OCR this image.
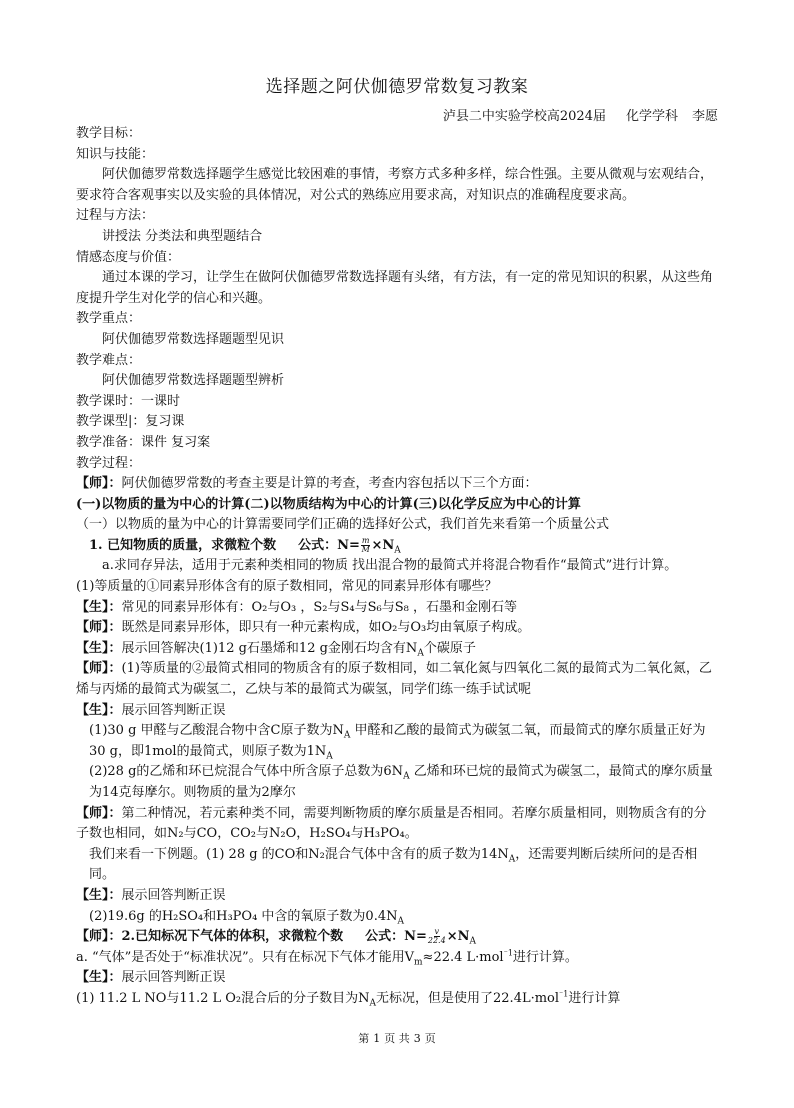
选择题之阿伏伽德罗常数复习教案
泸县二中实验学校高2024届 化学学科 李愿

教学目标：

知识与技能：

阿伏伽德罗常数选择题学生感觉比较困难的事情，考察方式多种多样，综合性强。主要从微观与宏观结合，要求符合客观事实以及实验的具体情况，对公式的熟练应用要求高，对知识点的准确程度要求高。

过程与方法：

讲授法 分类法和典型题结合

情感态度与价值：

通过本课的学习，让学生在做阿伏伽德罗常数选择题有头绪，有方法，有一定的常见知识的积累，从这些角度提升学生对化学的信心和兴趣。

教学重点：

阿伏伽德罗常数选择题题型见识

教学难点：

阿伏伽德罗常数选择题题型辨析

教学课时：一课时

教学课型|：复习课

教学准备：课件 复习案

教学过程：

【师】：阿伏伽德罗常数的考查主要是计算的考查，考查内容包括以下三个方面：

(一)以物质的量为中心的计算(二)以物质结构为中心的计算(三)以化学反应为中心的计算

（一）以物质的量为中心的计算需要同学们正确的选择好公式，我们首先来看第一个质量公式

1. 已知物质的质量，求微粒个数 公式：$N= \frac{m}{M} \times N_A$

a.求同存异法，适用于元素种类相同的物质 找出混合物的最简式并将混合物看作“最简式”进行计算。

(1)等质量的①同素异形体含有的原子数相同，常见的同素异形体有哪些？

【生】：常见的同素异形体有：O₂与O₃ ，S₂与S₄与S₆与S₈ ，石墨和金刚石等

【师】：既然是同素异形体，即只有一种元素构成，如O₂与O₃均由氧原子构成。

【生】：展示回答解决(1)12 g石墨烯和12 g金刚石均含有$N_A$个碳原子

【师】：(1)等质量的②最简式相同的物质含有的原子数相同，如二氧化氮与四氧化二氮的最简式为二氧化氮，乙烯与丙烯的最简式为碳氢二，乙炔与苯的最简式为碳氢，同学们练一练手试试呢

【生】：展示回答判断正误

(1)30 g 甲醛与乙酸混合物中含C原子数为$N_A$ 甲醛和乙酸的最简式为碳氢二氧，而最简式的摩尔质量正好为30 g，即1mol的最简式，则原子数为$1N_A$

(2)28 g的乙烯和环已烷混合气体中所含原子总数为$6N_A$ 乙烯和环已烷的最简式为碳氢二，最简式的摩尔质量为14克每摩尔。则物质的量为2摩尔

【师】：第二种情况，若元素种类不同，需要判断物质的摩尔质量是否相同。若摩尔质量相同，则物质含有的分子数也相同，如N₂与CO，CO₂与N₂O，H₂SO₄与H₃PO₄。

我们来看一下例题。(1) 28 g 的CO和N₂混合气体中含有的质子数为$14N_A$，还需要判断后续所问的是否相同。

【生】：展示回答判断正误

(2)19.6g 的H₂SO₄和H₃PO₄ 中含的氧原子数为$0.4N_A$

【师】：2.已知标况下气体的体积，求微粒个数 公式：$N= \frac{v}{22.4} \times N_A$

a. “气体”是否处于“标准状况”。只有在标况下气体才能用$V_m\approx 22.4$ L·mol$^{^-1}$进行计算。

【生】：展示回答判断正误

(1) 11.2 L NO与11.2 L O₂混合后的分子数目为$N_A$无标况，但是使用了22.4L·mol$^{^-1}$进行计算

第 1 页 共 3 页
